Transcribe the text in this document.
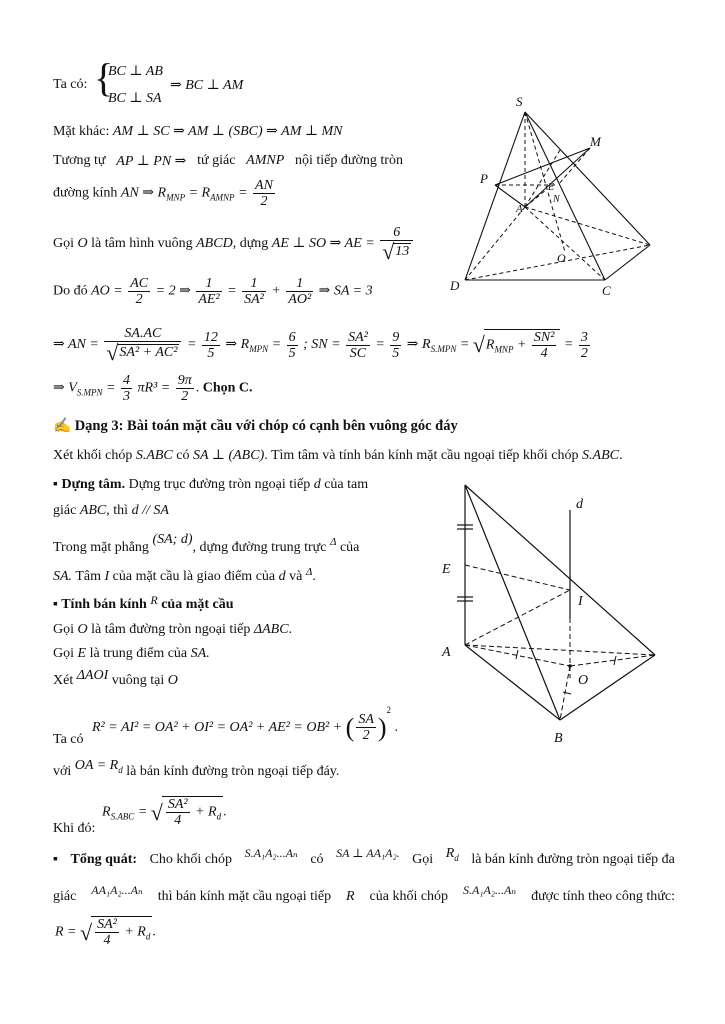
Ta có: {
BC ⊥ AB
BC ⊥ SA
⇒ BC ⊥ AM
Mặt khác: AM ⊥ SC ⇒ AM ⊥ (SBC) ⇒ AM ⊥ MN
Tương tự AP ⊥ PN ⇒ tứ giác AMNP nội tiếp đường tròn
đường kính AN ⇒ $R_{MNP} = R_{AMNP} = \frac{AN}{2}$
Gọi O là tâm hình vuông ABCD, dựng AE ⊥ SO ⇒ AE = $\frac{6}{√13}$
Do đó AO = $\frac{AC}{2} = 2$ ⇒ $\frac{1}{\text{AE²}} = \frac{1}{\text{SA²}} + \frac{1}{\text{AO²}}$ ⇒ SA = 3
⇒ AN = $\frac{SA.AC}{\text{√SA² + AC²}} = \frac{12}{5}$ ⇒ $R_{MPN} = \frac{6}{5}$ ; SN = $\frac{\text{SA²}}{SC} = \frac{9}{5}$ ⇒ $R_{S.MPN} = √R_{MNP} + \frac{\text{SN²}}{4} = \frac{3}{2}$
⇒ $V_{S.MPN} = \frac{4}{3} \pi R^3 = \frac{9\pi}{2}$ . Chọn C.
S
M
P
N
A
E
O
D	C
✍ Dạng 3: Bài toán mặt cầu với chóp có cạnh bên vuông góc đáy
Xét khối chóp S.ABC có SA ⊥ (ABC). Tìm tâm và tính bán kính mặt cầu ngoại tiếp khối chóp S.ABC.
▪ Dựng tâm. Dựng trục đường tròn ngoại tiếp d của tam
giác ABC, thì d // SA
Trong mặt phẳng (SA; d), dựng đường trung trực $^\Delta$ của
SA. Tâm I của mặt cầu là giao điểm của d và $^\Delta$.
▪ Tính bán kính R của mặt cầu
Gọi O là tâm đường tròn ngoại tiếp ΔABC.
Gọi E là trung điểm của SA.
Xét ΔAOI vuông tại O
R² = AI² = OA² + OI² = OA² + AE² = OB² + ( $\frac{SA}{2} )^2$ .
Ta có
với OA = $R_d$ là bán kính đường tròn ngoại tiếp đáy.
$R_{S.ABC}$ = √ $\frac{\text{SA²}}{4} + R_d$ .
Khi đó:
▪ Tổng quát: Cho khối chóp S.A₁A₂...Aₙ có SA ⊥ AA₁A₂. Gọi $R_d$ là bán kính đường tròn ngoại tiếp đa
giác AA₁A₂...Aₙ thì bán kính mặt cầu ngoại tiếp R của khối chóp S.A₁A₂...Aₙ được tính theo công thức:
R = √ $\frac{\text{SA²}}{4} + R_d$ .
d
E
I
A
O
B
